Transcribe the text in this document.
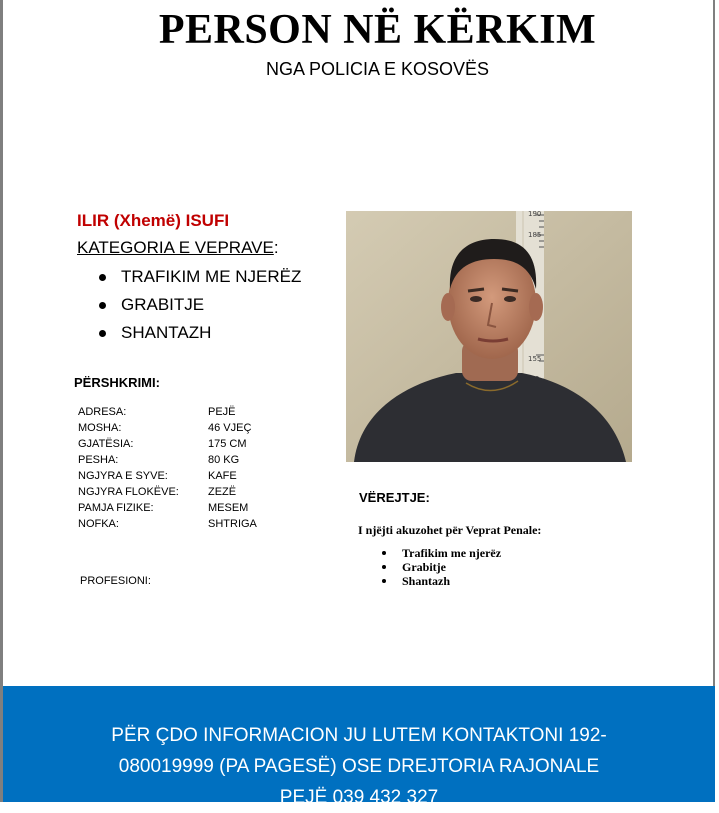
PERSON NË KËRKIM
NGA POLICIA E KOSOVËS
ILIR (Xhemë) ISUFI
KATEGORIA E VEPRAVE:
TRAFIKIM ME NJERËZ
GRABITJE
SHANTAZH
PËRSHKRIMI:
ADRESA:	PEJË
MOSHA:	46 VJEÇ
GJATËSIA:	175 CM
PESHA:	80 KG
NGJYRA E SYVE:	KAFE
NGJYRA FLOKËVE:	ZEZË
PAMJA FIZIKE:	MESEM
NOFKA:	SHTRIGA
PROFESIONI:
190
185
155
VËREJTJE:
I njëjti akuzohet për Veprat Penale:
Trafikim me njerëz
Grabitje
Shantazh
PËR ÇDO INFORMACION JU LUTEM KONTAKTONI 192-
080019999 (PA PAGESË) OSE DREJTORIA RAJONALE
PEJË 039 432 327
